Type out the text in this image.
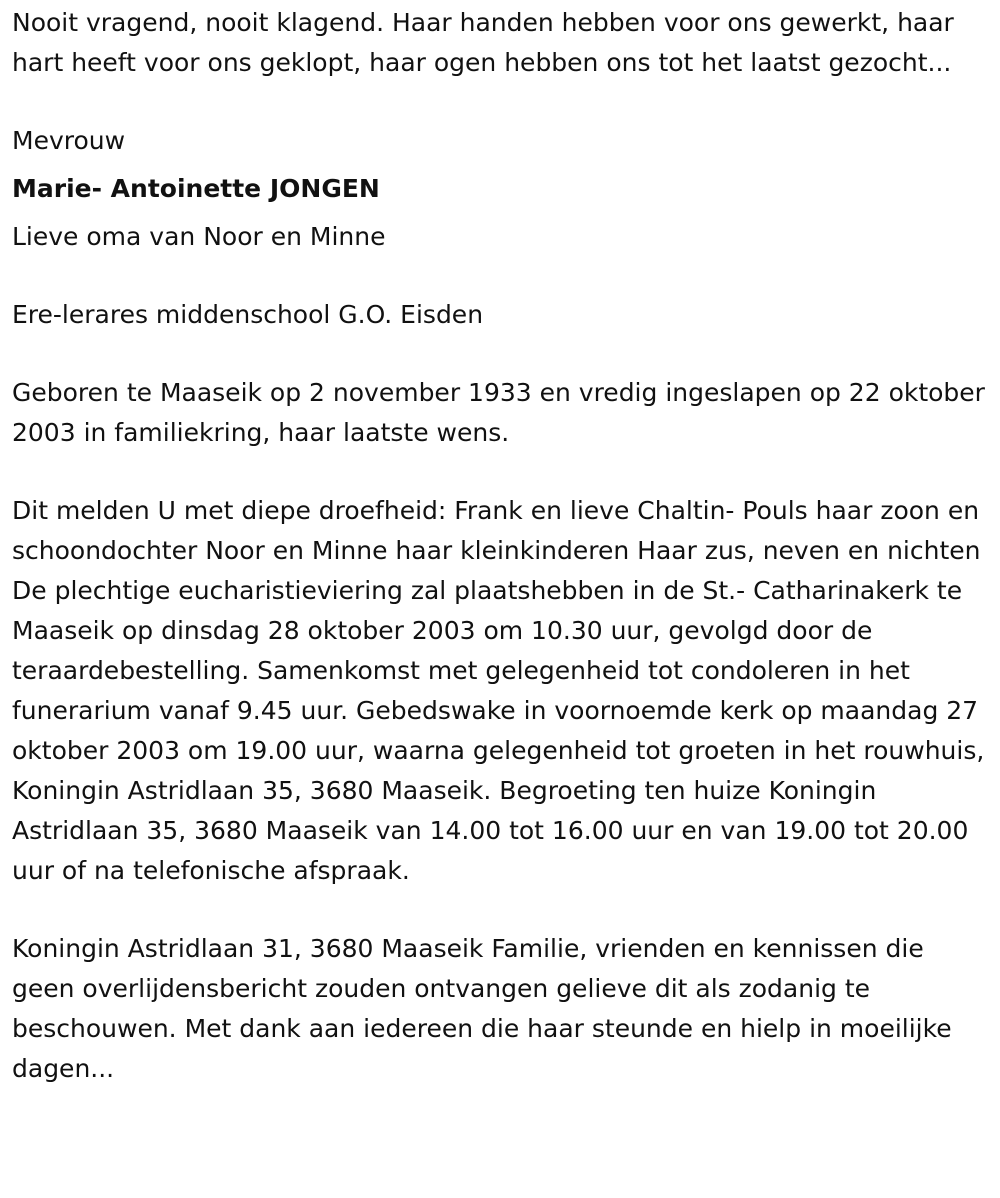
Nooit vragend, nooit klagend. Haar handen hebben voor ons gewerkt, haar hart heeft voor ons geklopt, haar ogen hebben ons tot het laatst gezocht...

Mevrouw

Marie- Antoinette JONGEN

Lieve oma van Noor en Minne

Ere-lerares middenschool G.O. Eisden

Geboren te Maaseik op 2 november 1933 en vredig ingeslapen op 22 oktober 2003 in familiekring, haar laatste wens.

Dit melden U met diepe droefheid: Frank en lieve Chaltin- Pouls haar zoon en schoondochter Noor en Minne haar kleinkinderen Haar zus, neven en nichten De plechtige eucharistieviering zal plaatshebben in de St.- Catharinakerk te Maaseik op dinsdag 28 oktober 2003 om 10.30 uur, gevolgd door de teraardebestelling. Samenkomst met gelegenheid tot condoleren in het funerarium vanaf 9.45 uur. Gebedswake in voornoemde kerk op maandag 27 oktober 2003 om 19.00 uur, waarna gelegenheid tot groeten in het rouwhuis, Koningin Astridlaan 35, 3680 Maaseik. Begroeting ten huize Koningin Astridlaan 35, 3680 Maaseik van 14.00 tot 16.00 uur en van 19.00 tot 20.00 uur of na telefonische afspraak.

Koningin Astridlaan 31, 3680 Maaseik Familie, vrienden en kennissen die geen overlijdensbericht zouden ontvangen gelieve dit als zodanig te beschouwen. Met dank aan iedereen die haar steunde en hielp in moeilijke dagen...
